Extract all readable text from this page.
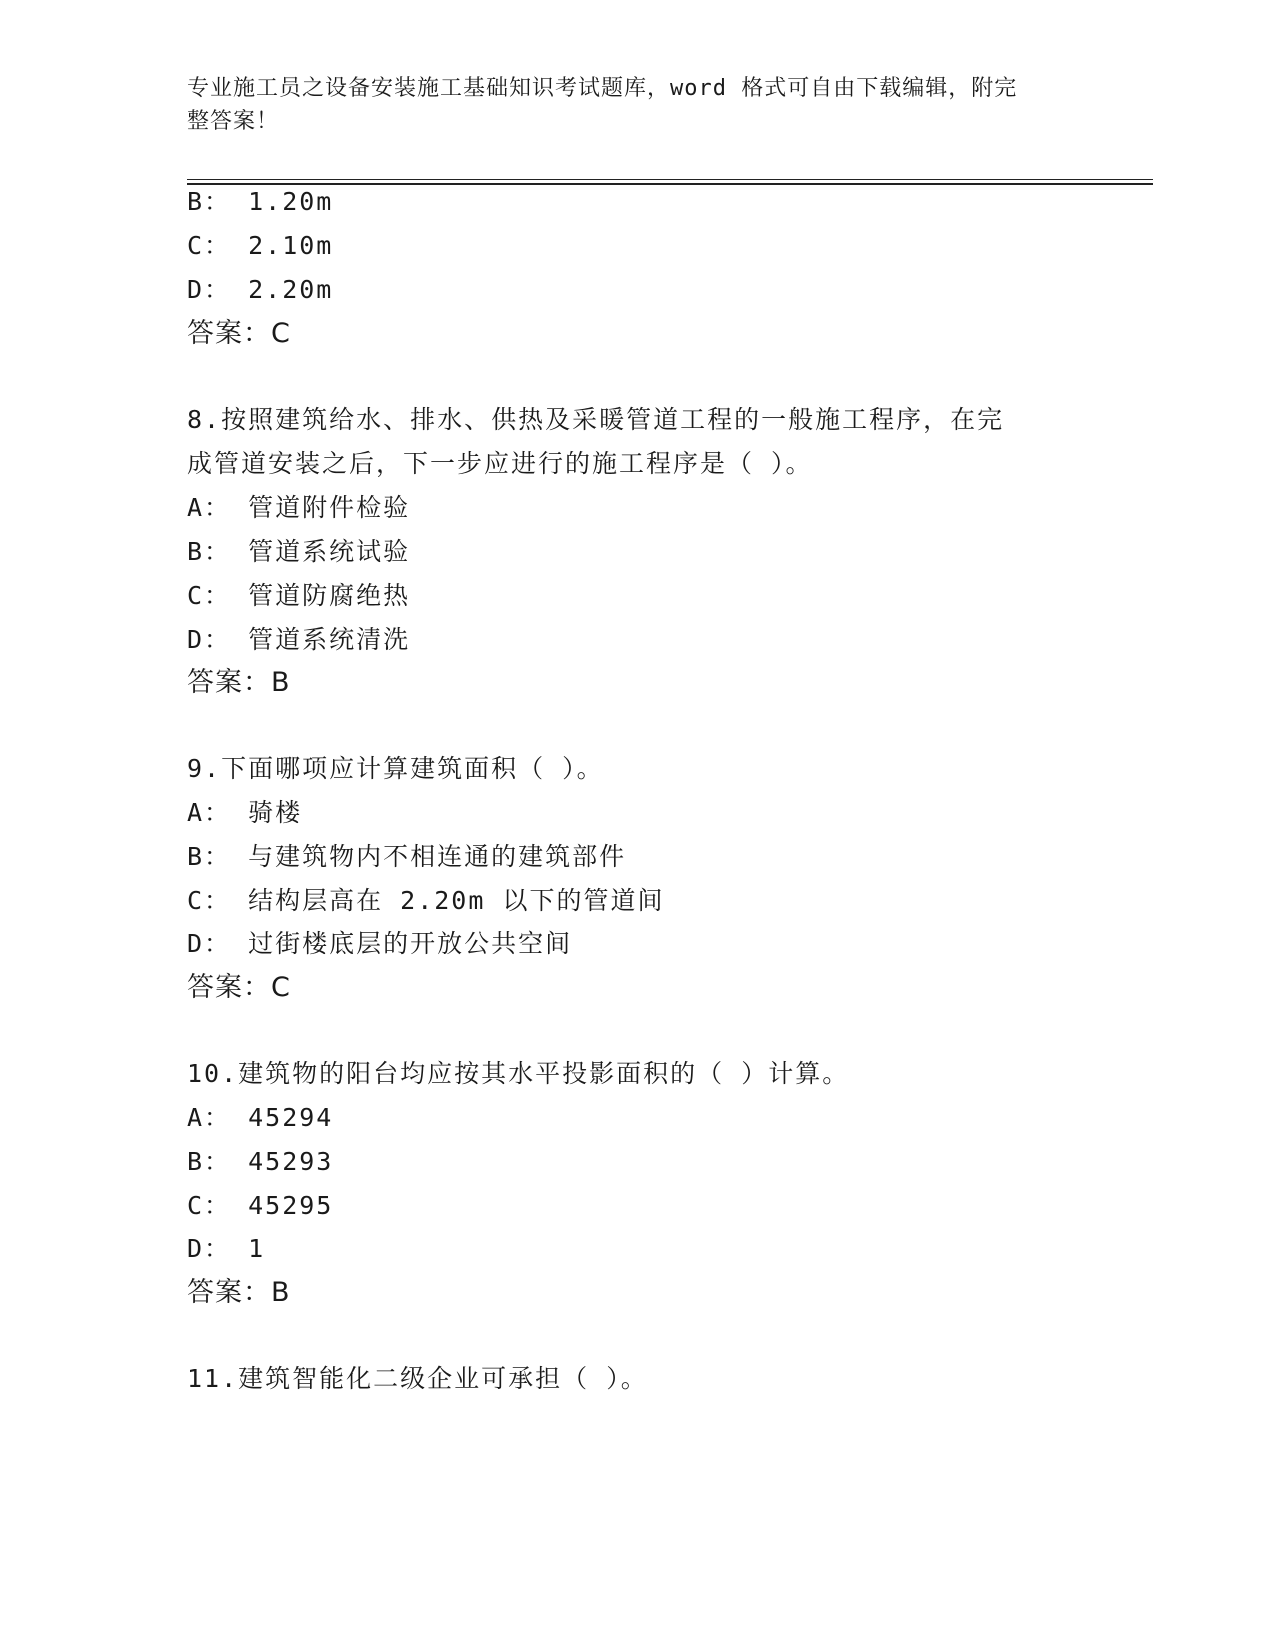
专业施工员之设备安装施工基础知识考试题库，word 格式可自由下载编辑，附完
整答案！
B： 1.20m
C： 2.10m
D： 2.20m
答案：C
8.按照建筑给水、排水、供热及采暖管道工程的一般施工程序，在完
成管道安装之后，下一步应进行的施工程序是（ ）。
A： 管道附件检验
B： 管道系统试验
C： 管道防腐绝热
D： 管道系统清洗
答案：B
9.下面哪项应计算建筑面积（ ）。
A： 骑楼
B： 与建筑物内不相连通的建筑部件
C： 结构层高在 2.20m 以下的管道间
D： 过街楼底层的开放公共空间
答案：C
10.建筑物的阳台均应按其水平投影面积的（ ）计算。
A： 45294
B： 45293
C： 45295
D： 1
答案：B
11.建筑智能化二级企业可承担（ ）。
